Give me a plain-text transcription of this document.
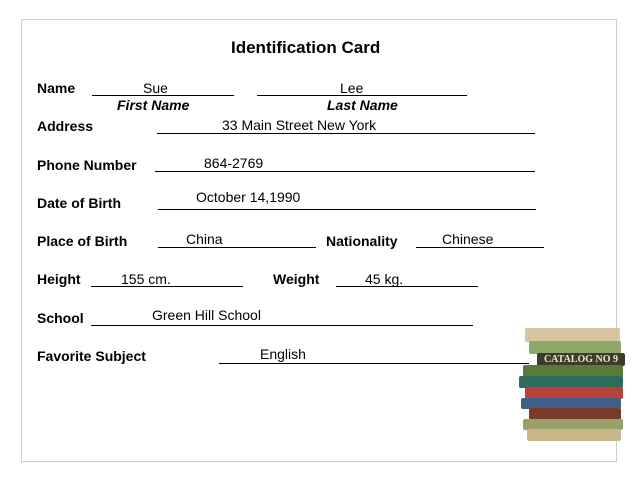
Identification Card
Name	Sue	Lee
First Name	Last Name
Address	33 Main Street New York
Phone Number	864-2769
Date of Birth	October 14,1990
Place of Birth	China	Nationality	Chinese
Height	155 cm.	Weight	45 kg.
School	Green Hill School
Favorite Subject	English	CATALOG NO 9
